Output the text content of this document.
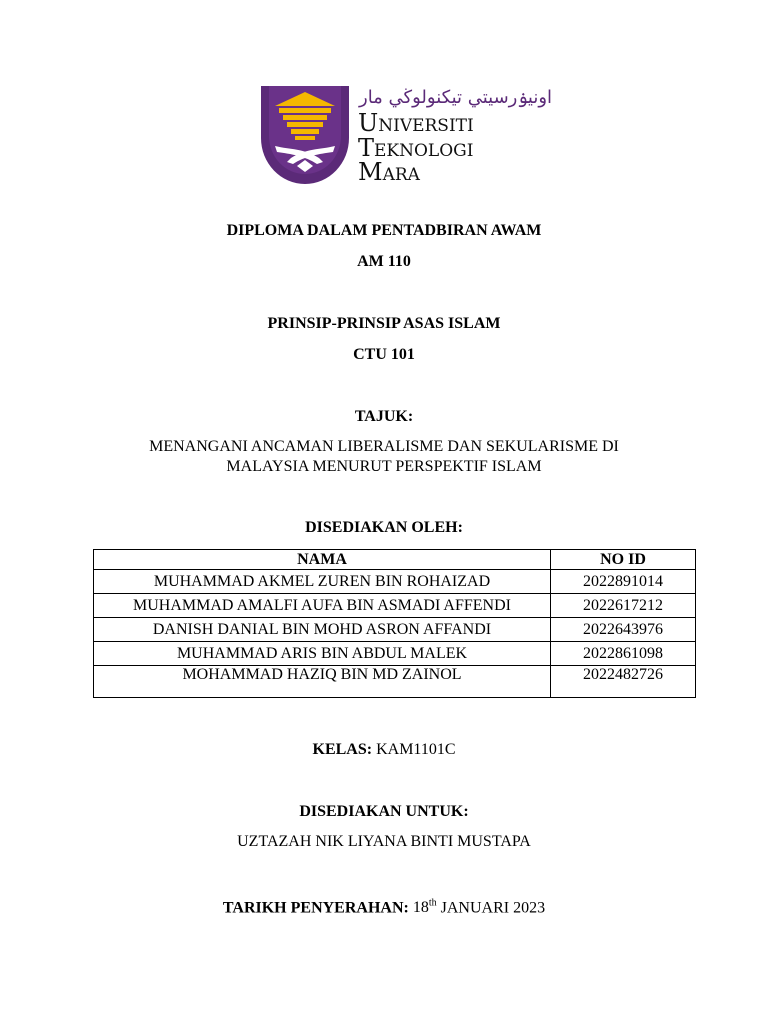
اونيۏرسيتي تيكنولوڬي مار
Universiti
Teknologi
Mara
DIPLOMA DALAM PENTADBIRAN AWAM
AM 110
PRINSIP-PRINSIP ASAS ISLAM
CTU 101
TAJUK:
MENANGANI ANCAMAN LIBERALISME DAN SEKULARISME DI
MALAYSIA MENURUT PERSPEKTIF ISLAM
DISEDIAKAN OLEH:
NAMA	NO ID
MUHAMMAD AKMEL ZUREN BIN ROHAIZAD	2022891014
MUHAMMAD AMALFI AUFA BIN ASMADI AFFENDI	2022617212
DANISH DANIAL BIN MOHD ASRON AFFANDI	2022643976
MUHAMMAD ARIS BIN ABDUL MALEK	2022861098
MOHAMMAD HAZIQ BIN MD ZAINOL	2022482726
KELAS: KAM1101C
DISEDIAKAN UNTUK:
UZTAZAH NIK LIYANA BINTI MUSTAPA
TARIKH PENYERAHAN: 18th JANUARI 2023
